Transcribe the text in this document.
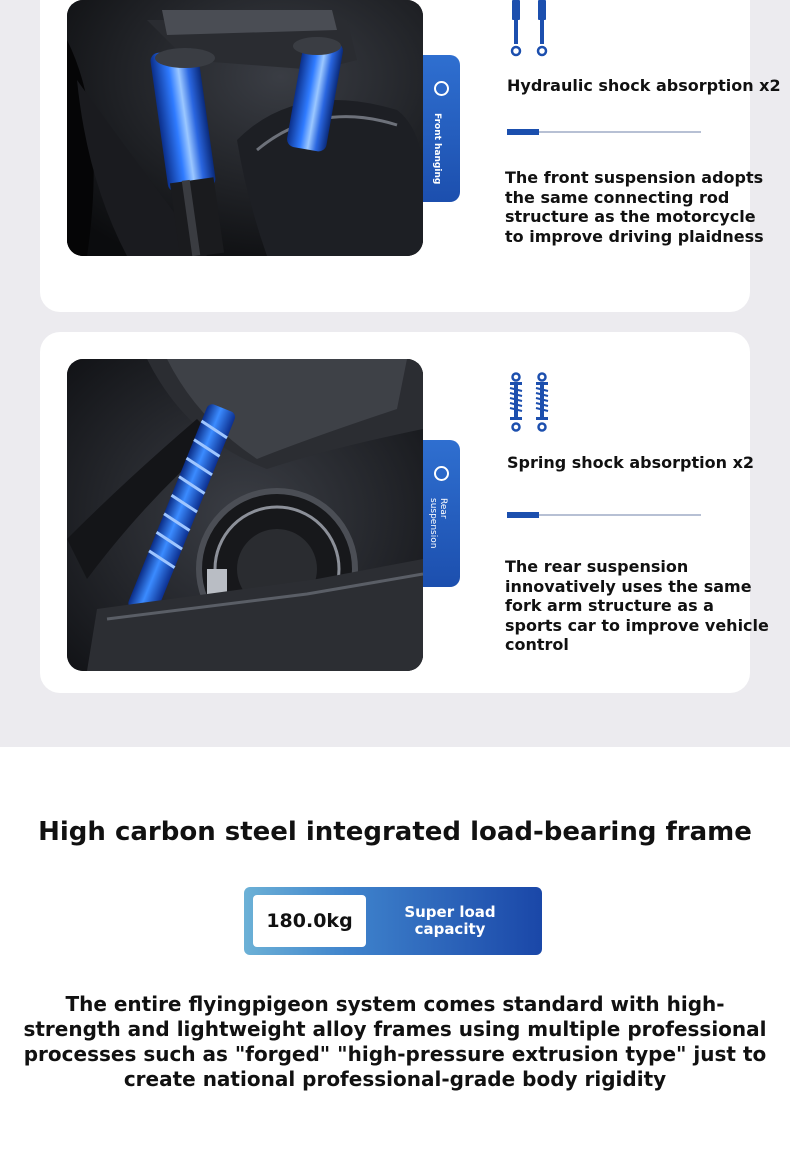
Front hanging
Hydraulic shock absorption x2
The front suspension adopts the same connecting rod structure as the motorcycle to improve driving plaidness
Rear suspension
Spring shock absorption x2
The rear suspension innovatively uses the same fork arm structure as a sports car to improve vehicle control
High carbon steel integrated load-bearing frame
180.0kg	Super load capacity
The entire flyingpigeon system comes standard with high-strength and lightweight alloy frames using multiple professional processes such as "forged" "high-pressure extrusion type" just to create national professional-grade body rigidity
